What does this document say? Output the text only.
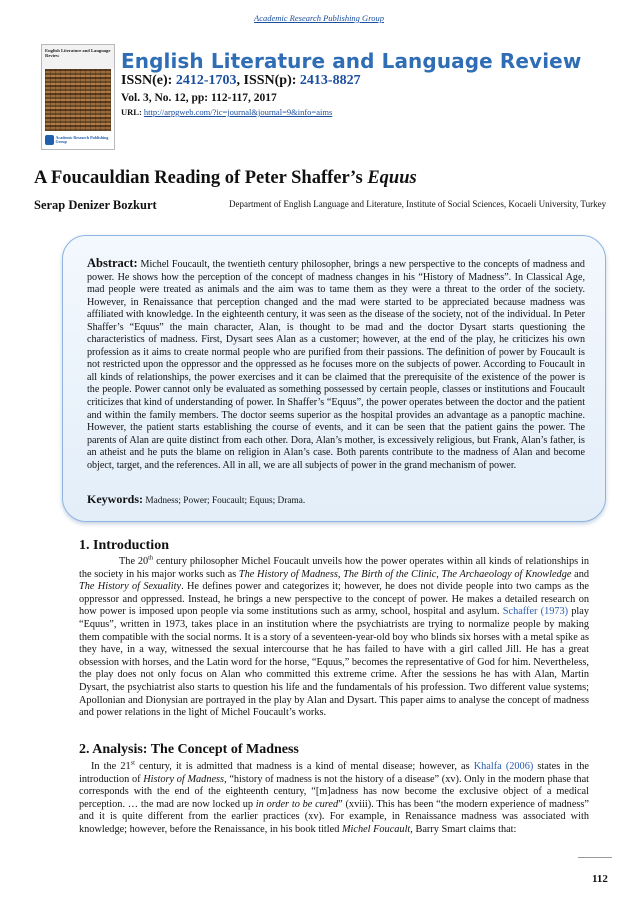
Academic Research Publishing Group
English Literature and Language Review
Academic Research Publishing Group
English Literature and Language Review
ISSN(e): 2412-1703, ISSN(p): 2413-8827
Vol. 3, No. 12, pp: 112-117, 2017
URL: http://arpgweb.com/?ic=journal&journal=9&info=aims
A Foucauldian Reading of Peter Shaffer’s Equus
Serap Denizer Bozkurt	Department of English Language and Literature, Institute of Social Sciences, Kocaeli University, Turkey
Abstract: Michel Foucault, the twentieth century philosopher, brings a new perspective to the concepts of madness and power. He shows how the perception of the concept of madness changes in his “History of Madness”. In Classical Age, mad people were treated as animals and the aim was to tame them as they were a threat to the order of the society. However, in Renaissance that perception changed and the mad were started to be appreciated because madness was affiliated with knowledge. In the eighteenth century, it was seen as the disease of the society, not of the individual. In Peter Shaffer’s “Equus” the main character, Alan, is thought to be mad and the doctor Dysart starts questioning the characteristics of madness. First, Dysart sees Alan as a customer; however, at the end of the play, he criticizes his own profession as it aims to create normal people who are purified from their passions. The definition of power by Foucault is not restricted upon the oppressor and the oppressed as he focuses more on the subjects of power. According to Foucault in all kinds of relationships, the power exercises and it can be claimed that the prerequisite of the existence of the power is the people. Power cannot only be evaluated as something possessed by certain people, classes or institutions and Foucault criticizes that kind of understanding of power. In Shaffer’s “Equus”, the power operates between the doctor and the patient and within the family members. The doctor seems superior as the hospital provides an advantage as a panoptic machine. However, the patient starts establishing the course of events, and it can be seen that the patient gains the power. The parents of Alan are quite distinct from each other. Dora, Alan’s mother, is excessively religious, but Frank, Alan’s father, is an atheist and he puts the blame on religion in Alan’s case. Both parents contribute to the madness of Alan and become object, target, and the references. All in all, we are all subjects of power in the grand mechanism of power.
Keywords: Madness; Power; Foucault; Equus; Drama.
1. Introduction
The 20th century philosopher Michel Foucault unveils how the power operates within all kinds of relationships in the society in his major works such as The History of Madness, The Birth of the Clinic, The Archaeology of Knowledge and The History of Sexuality. He defines power and categorizes it; however, he does not divide people into two camps as the oppressor and oppressed. Instead, he brings a new perspective to the concept of power. He makes a detailed research on how power is imposed upon people via some institutions such as army, school, hospital and asylum. Schaffer (1973) play “Equus”, written in 1973, takes place in an institution where the psychiatrists are trying to normalize people by making them compatible with the social norms. It is a story of a seventeen-year-old boy who blinds six horses with a metal spike as they have, in a way, witnessed the sexual intercourse that he has failed to have with a girl called Jill. He has a great obsession with horses, and the Latin word for the horse, “Equus,” becomes the representative of God for him. Nevertheless, the play does not only focus on Alan who committed this extreme crime. After the sessions he has with Alan, Martin Dysart, the psychiatrist also starts to question his life and the fundamentals of his profession. Two different value systems; Apollonian and Dionysian are portrayed in the play by Alan and Dysart. This paper aims to analyse the concept of madness and power relations in the light of Michel Foucault’s works.
2. Analysis: The Concept of Madness
In the 21st century, it is admitted that madness is a kind of mental disease; however, as Khalfa (2006) states in the introduction of History of Madness, “history of madness is not the history of a disease” (xv). Only in the modern phase that corresponds with the end of the eighteenth century, “[m]adness has now become the exclusive object of a medical perception. … the mad are now locked up in order to be cured” (xviii). This has been “the modern experience of madness” and it is quite different from the earlier practices (xv). For example, in Renaissance madness was associated with knowledge; however, before the Renaissance, in his book titled Michel Foucault, Barry Smart claims that:
112
